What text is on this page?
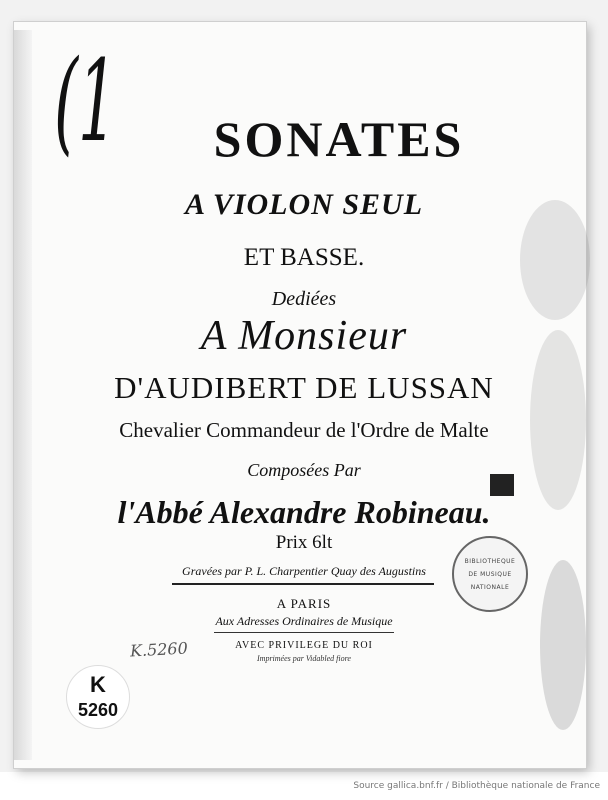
(1	SONATES
A VIOLON SEUL
ET BASSE.
Dediées
A Monsieur
D'AUDIBERT DE LUSSAN
Chevalier Commandeur de l'Ordre de Malte
Composées Par
l'Abbé Alexandre Robineau.
Prix 6lt
Gravées par P. L. Charpentier Quay des Augustins
A PARIS
Aux Adresses Ordinaires de Musique
AVEC PRIVILEGE DU ROI
Imprimées par Vidabled fiore
BIBLIOTHEQUE
DE MUSIQUE
NATIONALE
K.5260
K
5260
Source gallica.bnf.fr / Bibliothèque nationale de France
